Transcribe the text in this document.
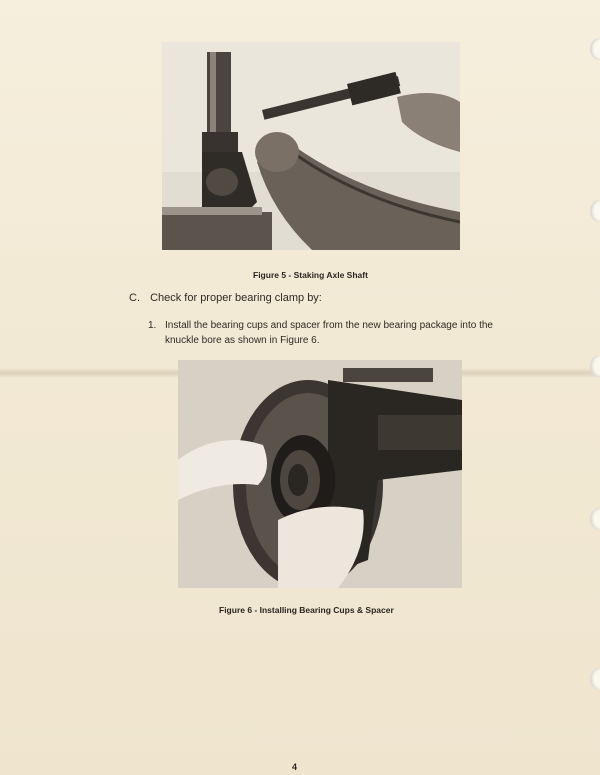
Figure 5 - Staking Axle Shaft
C. Check for proper bearing clamp by:
1. Install the bearing cups and spacer from the new bearing package into the knuckle bore as shown in Figure 6.
Figure 6 - Installing Bearing Cups & Spacer
4
